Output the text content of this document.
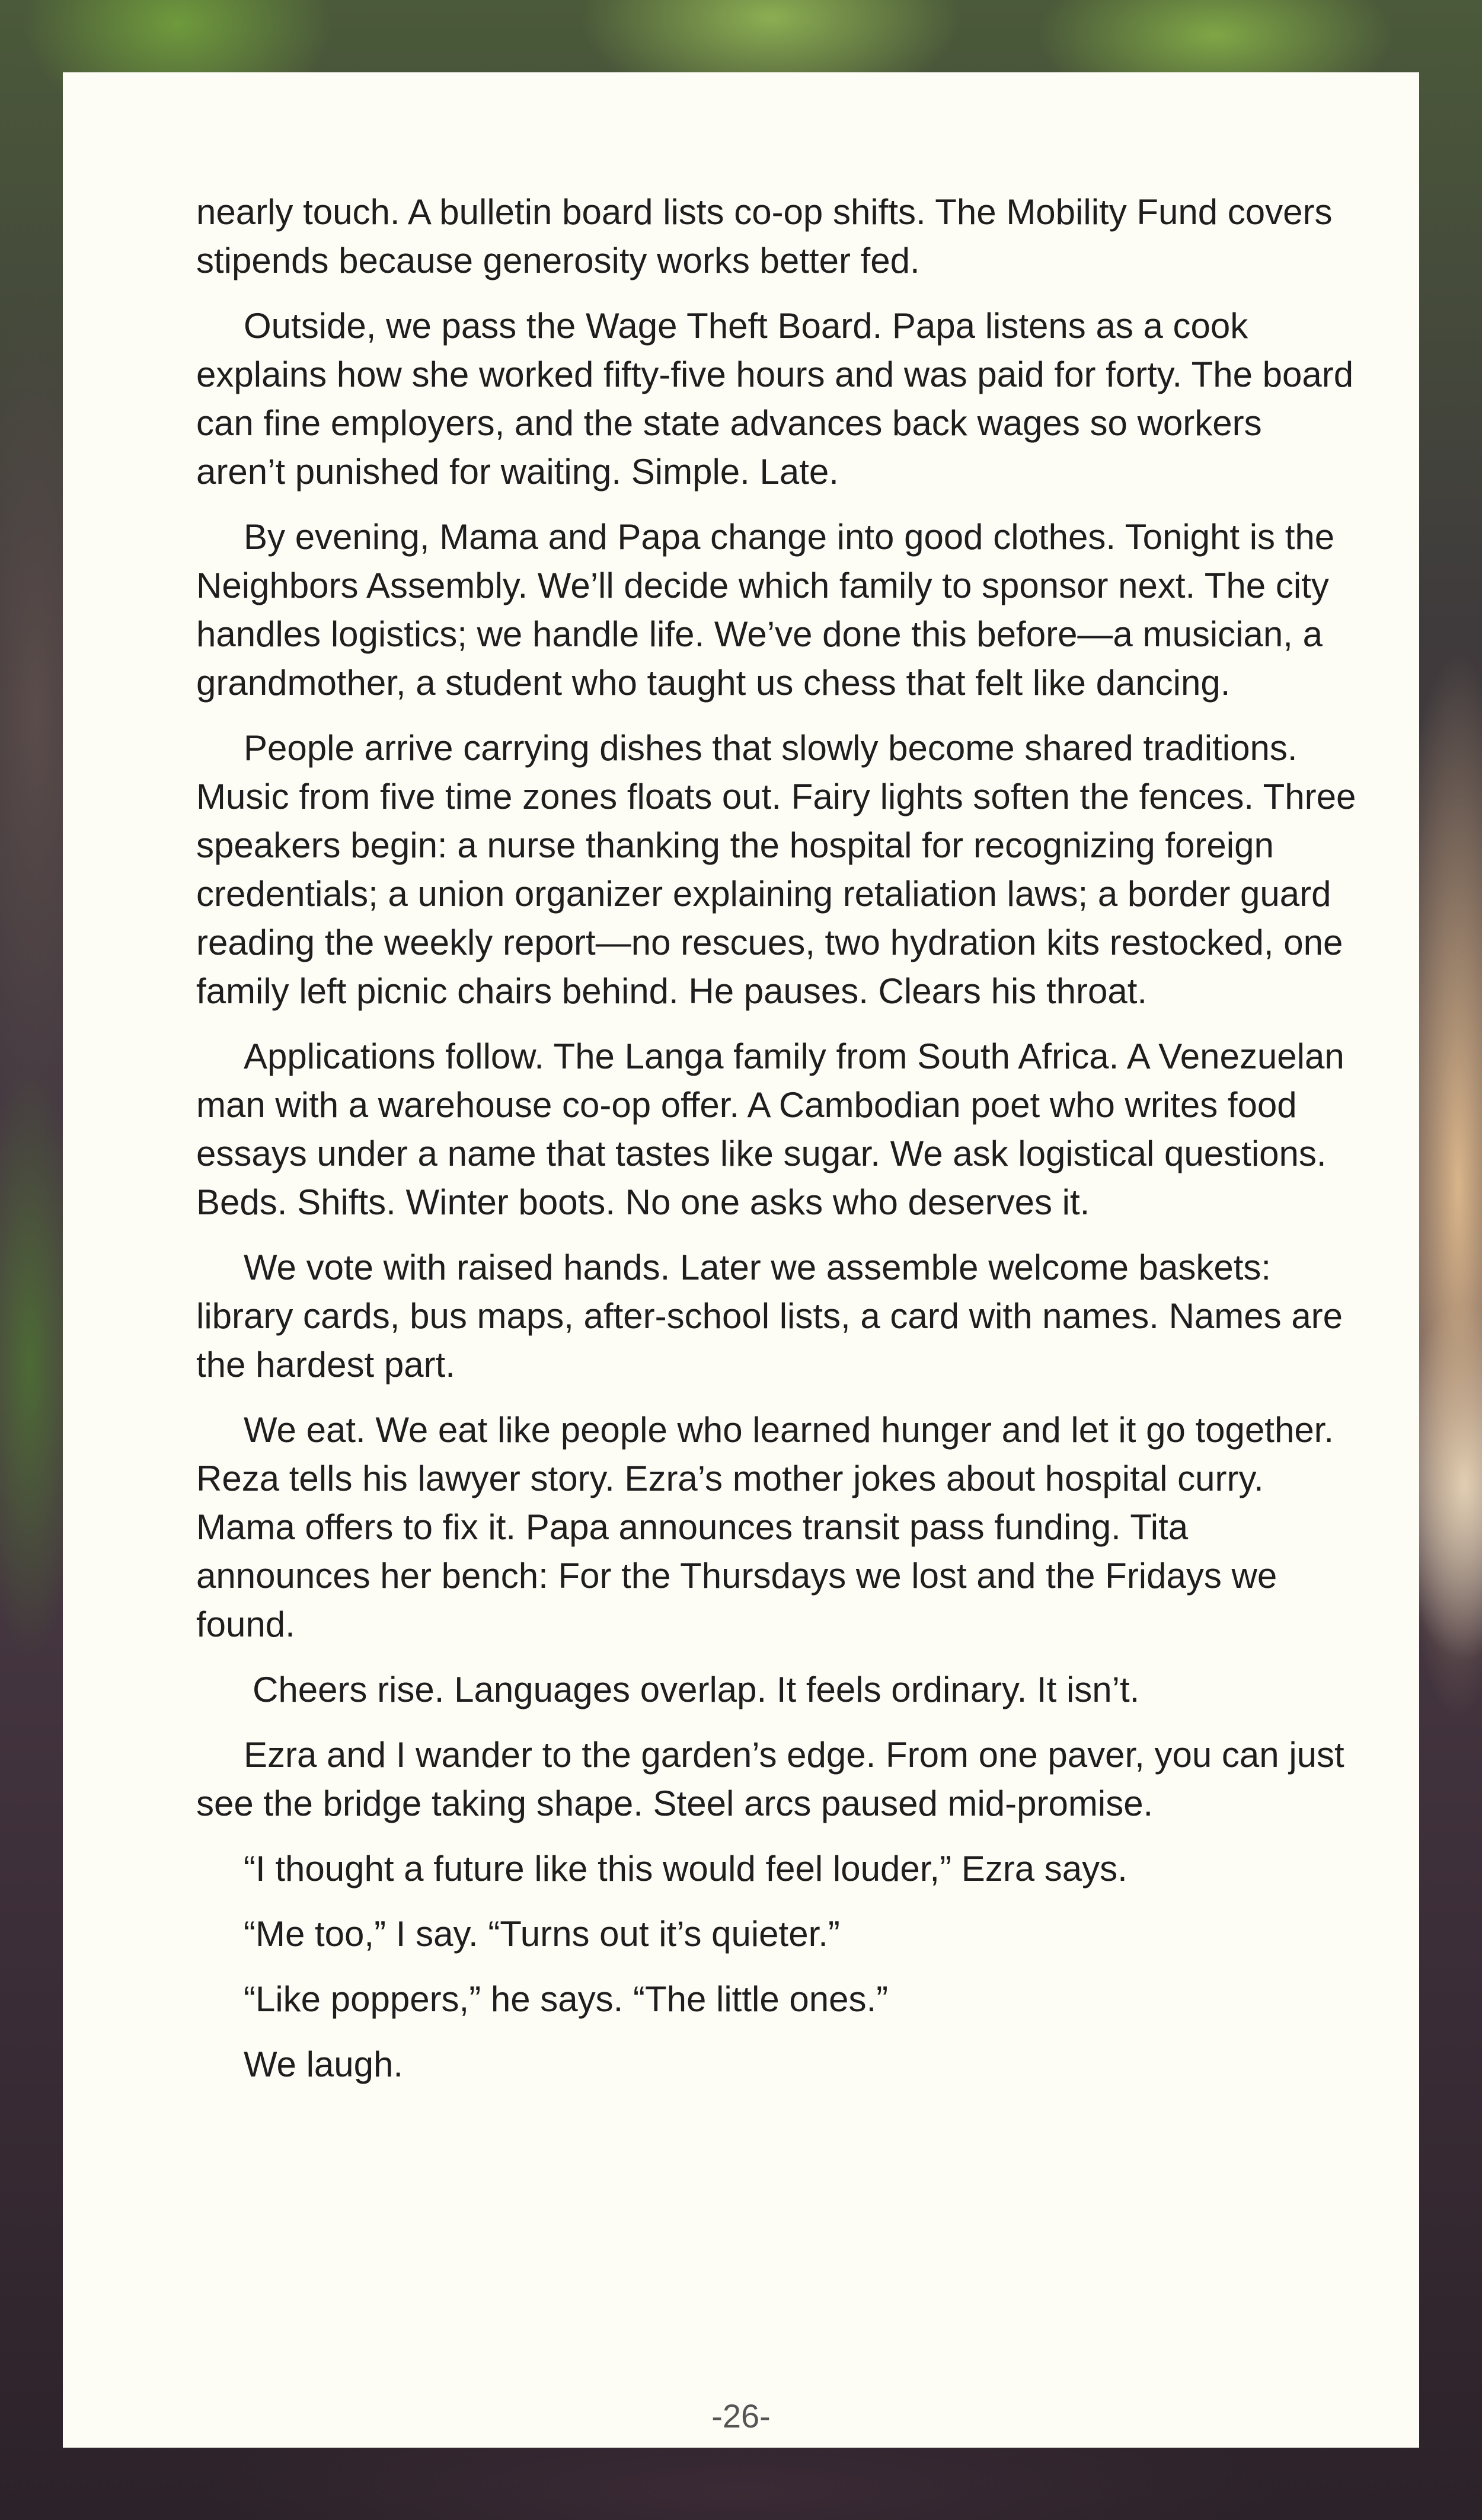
nearly touch. A bulletin board lists co-op shifts. The Mobility Fund covers stipends because generosity works better fed.

Outside, we pass the Wage Theft Board. Papa listens as a cook explains how she worked fifty-five hours and was paid for forty. The board can fine employers, and the state advances back wages so workers aren’t punished for waiting. Simple. Late.

By evening, Mama and Papa change into good clothes. Tonight is the Neighbors Assembly. We’ll decide which family to sponsor next. The city handles logistics; we handle life. We’ve done this before—a musician, a grandmother, a student who taught us chess that felt like dancing.

People arrive carrying dishes that slowly become shared traditions. Music from five time zones floats out. Fairy lights soften the fences. Three speakers begin: a nurse thanking the hospital for recognizing foreign credentials; a union organizer explaining retaliation laws; a border guard reading the weekly report—no rescues, two hydration kits restocked, one family left picnic chairs behind. He pauses. Clears his throat.

Applications follow. The Langa family from South Africa. A Venezuelan man with a warehouse co-op offer. A Cambodian poet who writes food essays under a name that tastes like sugar. We ask logistical questions. Beds. Shifts. Winter boots. No one asks who deserves it.

We vote with raised hands. Later we assemble welcome baskets: library cards, bus maps, after-school lists, a card with names. Names are the hardest part.

We eat. We eat like people who learned hunger and let it go together. Reza tells his lawyer story. Ezra’s mother jokes about hospital curry. Mama offers to fix it. Papa announces transit pass funding. Tita announces her bench: For the Thursdays we lost and the Fridays we found.

Cheers rise. Languages overlap. It feels ordinary. It isn’t.

Ezra and I wander to the garden’s edge. From one paver, you can just see the bridge taking shape. Steel arcs paused mid-promise.

“I thought a future like this would feel louder,” Ezra says.

“Me too,” I say. “Turns out it’s quieter.”

“Like poppers,” he says. “The little ones.”

We laugh.

-26-
